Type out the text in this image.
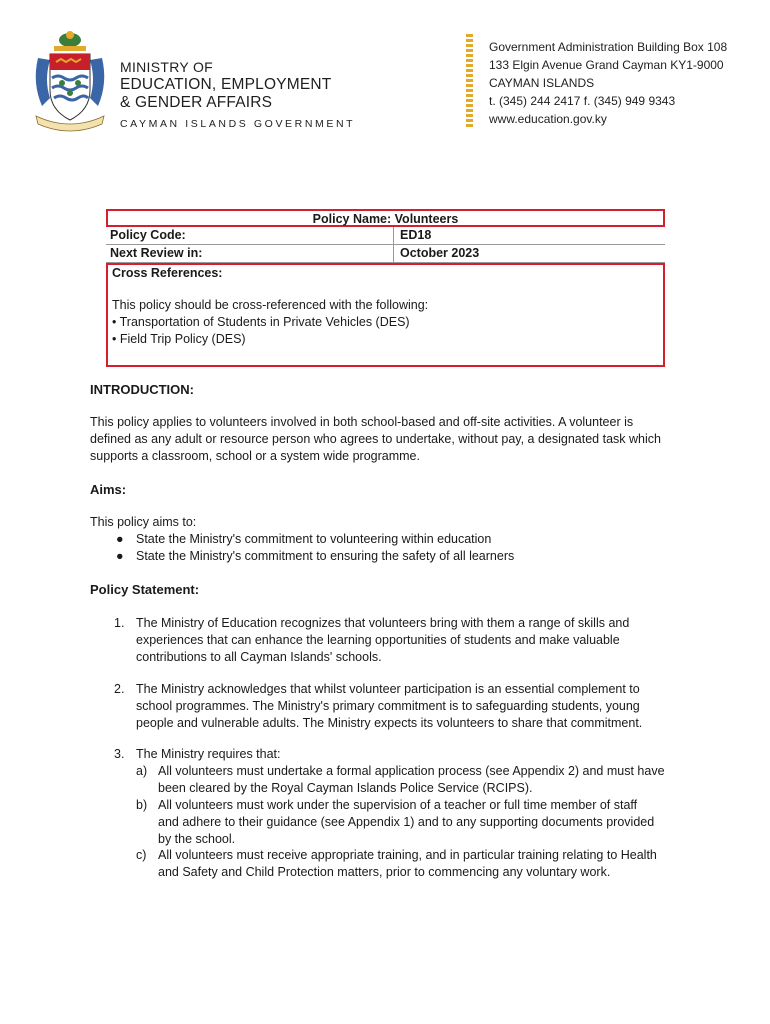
MINISTRY OF
EDUCATION, EMPLOYMENT
& GENDER AFFAIRS
CAYMAN ISLANDS GOVERNMENT
Government Administration Building Box 108
133 Elgin Avenue Grand Cayman KY1-9000
CAYMAN ISLANDS
t. (345) 244 2417 f. (345) 949 9343
www.education.gov.ky
Policy Name: Volunteers
Policy Code:	ED18
Next Review in:	October 2023
Cross References:
This policy should be cross-referenced with the following:
• Transportation of Students in Private Vehicles (DES)
• Field Trip Policy (DES)
INTRODUCTION:
This policy applies to volunteers involved in both school-based and off-site activities. A volunteer is
defined as any adult or resource person who agrees to undertake, without pay, a designated task which
supports a classroom, school or a system wide programme.
Aims:
This policy aims to:
● State the Ministry's commitment to volunteering within education
● State the Ministry's commitment to ensuring the safety of all learners
Policy Statement:
1. The Ministry of Education recognizes that volunteers bring with them a range of skills and
experiences that can enhance the learning opportunities of students and make valuable
contributions to all Cayman Islands' schools.
2. The Ministry acknowledges that whilst volunteer participation is an essential complement to
school programmes. The Ministry's primary commitment is to safeguarding students, young
people and vulnerable adults. The Ministry expects its volunteers to share that commitment.
3. The Ministry requires that:
a) All volunteers must undertake a formal application process (see Appendix 2) and must have
been cleared by the Royal Cayman Islands Police Service (RCIPS).
b) All volunteers must work under the supervision of a teacher or full time member of staff
and adhere to their guidance (see Appendix 1) and to any supporting documents provided
by the school.
c) All volunteers must receive appropriate training, and in particular training relating to Health
and Safety and Child Protection matters, prior to commencing any voluntary work.
